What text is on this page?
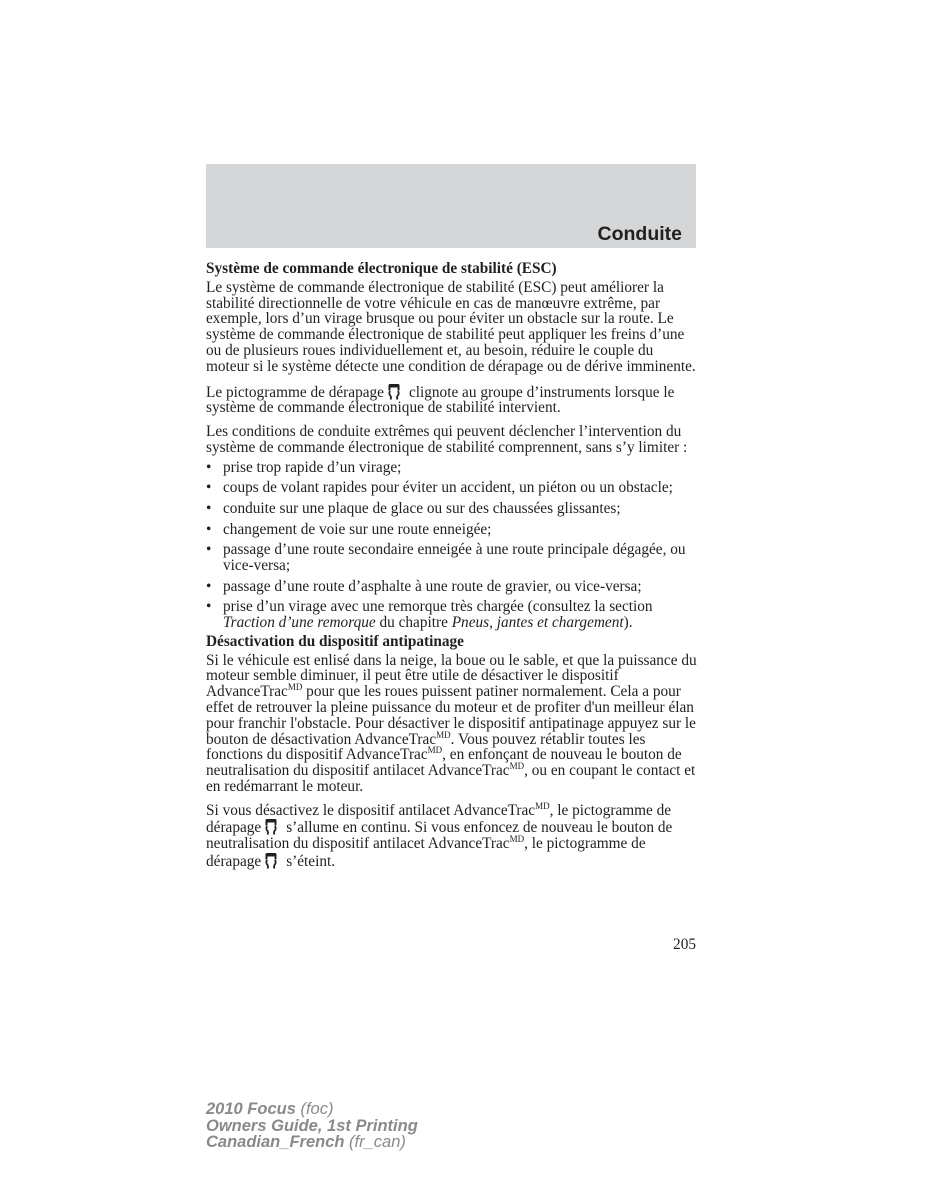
Conduite
Système de commande électronique de stabilité (ESC)

Le système de commande électronique de stabilité (ESC) peut améliorer la stabilité directionnelle de votre véhicule en cas de manœuvre extrême, par exemple, lors d’un virage brusque ou pour éviter un obstacle sur la route. Le système de commande électronique de stabilité peut appliquer les freins d’une ou de plusieurs roues individuellement et, au besoin, réduire le couple du moteur si le système détecte une condition de dérapage ou de dérive imminente.

Le pictogramme de dérapage clignote au groupe d’instruments lorsque le système de commande électronique de stabilité intervient.

Les conditions de conduite extrêmes qui peuvent déclencher l’intervention du système de commande électronique de stabilité comprennent, sans s’y limiter :

• prise trop rapide d’un virage;
• coups de volant rapides pour éviter un accident, un piéton ou un obstacle;
• conduite sur une plaque de glace ou sur des chaussées glissantes;
• changement de voie sur une route enneigée;
• passage d’une route secondaire enneigée à une route principale dégagée, ou vice-versa;
• passage d’une route d’asphalte à une route de gravier, ou vice-versa;
• prise d’un virage avec une remorque très chargée (consultez la section Traction d’une remorque du chapitre Pneus, jantes et chargement).
Désactivation du dispositif antipatinage

Si le véhicule est enlisé dans la neige, la boue ou le sable, et que la puissance du moteur semble diminuer, il peut être utile de désactiver le dispositif AdvanceTrac$^{MD}$ pour que les roues puissent patiner normalement. Cela a pour effet de retrouver la pleine puissance du moteur et de profiter d'un meilleur élan pour franchir l'obstacle. Pour désactiver le dispositif antipatinage appuyez sur le bouton de désactivation AdvanceTrac$^{MD}$. Vous pouvez rétablir toutes les fonctions du dispositif AdvanceTrac$^{MD}$, en enfonçant de nouveau le bouton de neutralisation du dispositif antilacet AdvanceTrac$^{MD}$, ou en coupant le contact et en redémarrant le moteur.

Si vous désactivez le dispositif antilacet AdvanceTrac$^{MD}$, le pictogramme de dérapage s’allume en continu. Si vous enfoncez de nouveau le bouton de neutralisation du dispositif antilacet AdvanceTrac$^{MD}$, le pictogramme de dérapage s’éteint.

205
2010 Focus (foc)
Owners Guide, 1st Printing
Canadian_French (fr_can)
